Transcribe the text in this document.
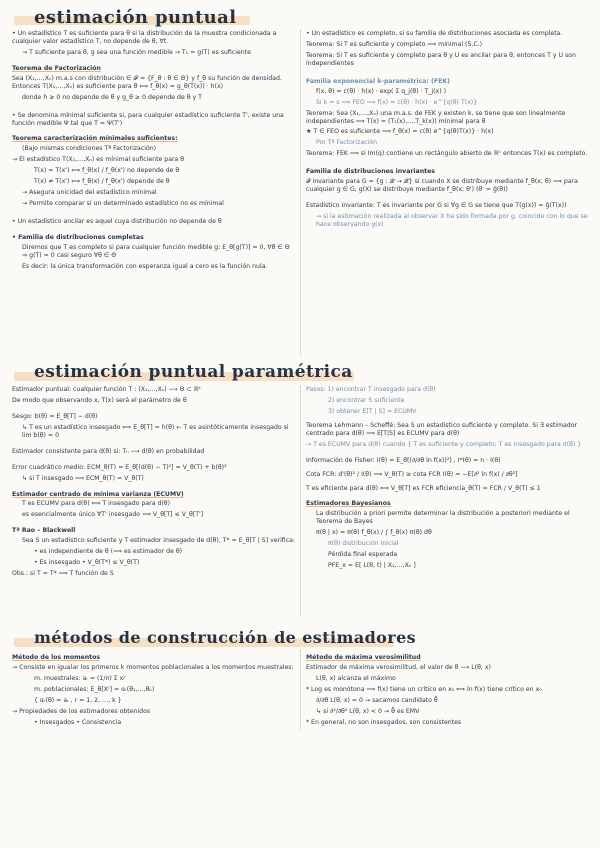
estimación puntual
• Un estadístico T es suficiente para θ si la distribución de la muestra condicionada a cualquier valor estadístico T, no depende de θ, ∀t.
→ T suficiente para θ, g sea una función medible → T₁ = g(T) es suficiente
Teorema de Factorización
Sea (X₁,…,Xₙ) m.a.s con distribución ∈ 𝓕 = {F_θ : θ ∈ Θ} y f_θ su función de densidad. Entonces T(X₁,…,Xₙ) es suficiente para θ ⟺ f_θ(x) = g_θ(T(x)) · h(x)
donde h ≥ 0 no depende de θ y g_θ ≥ 0 depende de θ y T
• Se denomina mínimal suficiente si, para cualquier estadístico suficiente T', existe una función medible Ψ tal que T = Ψ(T')
Teorema caracterización mínimales suficientes:
(Bajo mismas condiciones Tª Factorización)
→ El estadístico T(X₁,…,Xₙ) es mínimal suficiente para θ
T(x) = T(x') ⟺ f_θ(x) / f_θ(x') no depende de θ
T(x) ≠ T(x') ⟺ f_θ(x) / f_θ(x') depende de θ
→ Asegura unicidad del estadístico mínimal
→ Permite comparar si un determinado estadístico no es mínimal
• Un estadístico ancilar es aquel cuya distribución no depende de θ
• Familia de distribuciones completas
Diremos que T es completo si para cualquier función medible g: E_θ[g(T)] = 0, ∀θ ∈ Θ ⇒ g(T) = 0 casi seguro ∀θ ∈ Θ
Es decir: la única transformación con esperanza igual a cero es la función nula.
• Un estadístico es completo, si su familia de distribuciones asociada es completa.
Teorema: Si T es suficiente y completo ⟹ mínimal (S.C.)
Teorema: Si T es suficiente y completo para θ y U es ancilar para θ, entonces T y U son independientes
Familia exponencial k-paramétrica: (FEK)
f(x, θ) = c(θ) · h(x) · exp( Σ q_j(θ) · T_j(x) )
Si k = s ⟹ FEO ⟹ f(x) = c(θ) · h(x) · e^{q(θ) T(x)}
Teorema: Sea (X₁,…,Xₙ) una m.a.s. de FEK y existen k, se tiene que son linealmente independientes ⟹ T(x) = (T₁(x),…,T_k(x)) mínimal para θ
★ T ∈ FEO es suficiente ⟹ f_θ(x) = c(θ) e^{q(θ)T(x)} · h(x)
Por Tª Factorización
Teorema: FEK ⟹ si Im(q) contiene un rectángulo abierto de ℝᵏ entonces T(x) es completo.
Familia de distribuciones invariantes
𝓕 invariante para G = {g : 𝓧 → 𝓧} si cuando X se distribuye mediante f_θ(x; θ) ⟹ para cualquier g ∈ G, g(X) se distribuye mediante f_θ(x; θ') (θ' = ĝ(θ))
Estadístico invariante: T es invariante por G si ∀g ∈ G se tiene que T(g(x)) = ĝ(T(x))
→ si la estimación realizada al observar X ha sido formada por g, coincide con lo que se hace observando g(x)
estimación puntual paramétrica
Estimador puntual: cualquier función T : (X₁,…,Xₙ) ⟶ Θ ⊂ ℝᵏ
De modo que observando x, T(x) será el parámetro de θ
Sesgo: b(θ) = E_θ[T] − d(θ)
↳ T es un estadístico insesgado ⟺ E_θ[T] = h(θ) ← T es asintóticamente insesgado si lim b(θ) = 0
Estimador consistente para d(θ) si: Tₙ ⟶ d(θ) en probabilidad
Error cuadrático medio: ECM_θ(T) = E_θ[(d(θ) − T)²] = V_θ(T) + b(θ)²
↳ si T insesgado ⟹ ECM_θ(T) = V_θ(T)
Estimador centrado de mínima varianza (ECUMV)
T es ECUMV para d(θ) ⟺ T insesgado para d(θ)
es esencialmente único ∀T' insesgado ⟹ V_θ[T] ≤ V_θ[T']
Tª Rao – Blackwell
Sea S un estadístico suficiente y T estimador insesgado de d(θ), T* = E_θ[T | S] verifica:
• es independiente de θ (⟹ es estimador de θ)
• Es insesgado • V_θ(T*) ≤ V_θ(T)
Obs.: si T = T* ⟹ T función de S
Pasos: 1) encontrar T insesgado para d(θ)
2) encontrar S suficiente
3) obtener E[T | S] = ECUMV
Teorema Lehmann – Scheffé: Sea S un estadístico suficiente y completo. Si ∃ estimador centrado para d(θ) ⟹ E[T|S] es ECUMV para d(θ)
→ T es ECUMV para d(θ) cuando { T es suficiente y completo; T es insesgado para d(θ) }
Información de Fisher: I(θ) = E_θ[(∂/∂θ ln f(x))²] , I*(θ) = n · I(θ)
Cota FCR: d'(θ)² / I(θ) ⟹ V_θ(T) ≥ cota FCR I(θ) = −E[∂² ln f(x) / ∂θ²]
T es eficiente para d(θ) ⟺ V_θ[T] es FCR eficiencia_θ(T) = FCR / V_θ(T) ≤ 1
Estimadores Bayesianos
La distribución a priori permite determinar la distribución a posteriori mediante el Teorema de Bayes
π(θ | x) = π(θ) f_θ(x) / ∫ f_θ(x) π(θ) dθ
π(θ) distribución inicial
Pérdida final esperada
PFE_x = E[ L(θ, t) | X₁,…,Xₙ ]
métodos de construcción de estimadores
Método de los momentos
→ Consiste en igualar los primeros k momentos poblacionales a los momentos muestrales:
m. muestrales: aᵣ = (1/n) Σ xᵢʳ
m. poblacionales: E_θ[Xʳ] = αᵣ(θ₁,…,θₖ)
{ αᵣ(θ) = aᵣ , r = 1, 2, …, k }
→ Propiedades de los estimadores obtenidos
• Insesgados • Consistencia
Método de máxima verosimilitud
Estimador de máxima verosimilitud, el valor de θ ⟶ L(θ, x)
L(θ, x) alcanza el máximo
* Log es monótona ⟹ f(x) tiene un crítico en x₀ ⟺ ln f(x) tiene crítico en x₀
∂/∂θ L(θ, x) = 0 → sacamos candidato θ̂
↳ si ∂²/∂θ² L(θ, x) < 0 → θ̂ es EMV
* En general, no son insesgados, son consistentes
